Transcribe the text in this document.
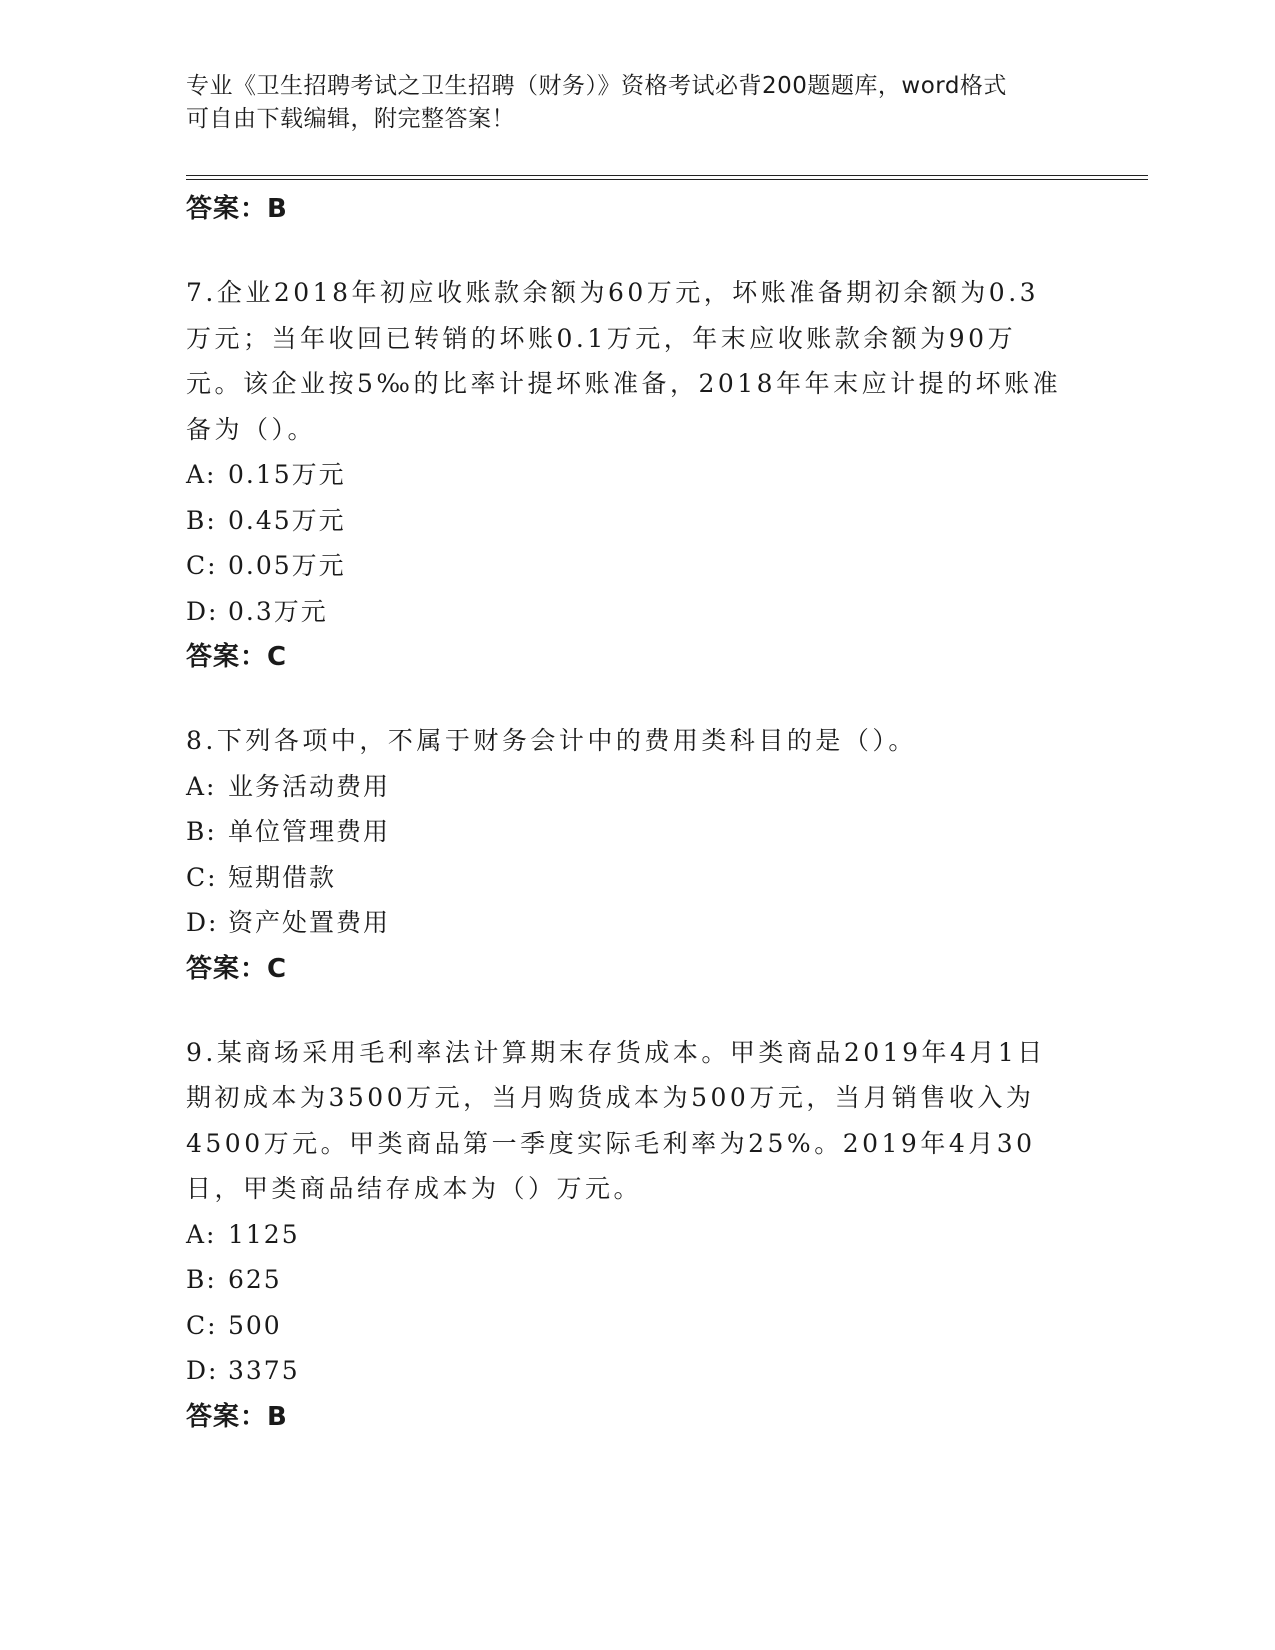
专业《卫生招聘考试之卫生招聘（财务）》资格考试必背200题题库，word格式
可自由下载编辑，附完整答案！
答案：B
7.企业2018年初应收账款余额为60万元，坏账准备期初余额为0.3万元；当年收回已转销的坏账0.1万元，年末应收账款余额为90万元。该企业按5‰的比率计提坏账准备，2018年年末应计提的坏账准备为（）。
A: 0.15万元
B: 0.45万元
C: 0.05万元
D: 0.3万元
答案：C
8.下列各项中，不属于财务会计中的费用类科目的是（）。
A: 业务活动费用
B: 单位管理费用
C: 短期借款
D: 资产处置费用
答案：C
9.某商场采用毛利率法计算期末存货成本。甲类商品2019年4月1日期初成本为3500万元，当月购货成本为500万元，当月销售收入为4500万元。甲类商品第一季度实际毛利率为25%。2019年4月30日，甲类商品结存成本为（）万元。
A: 1125
B: 625
C: 500
D: 3375
答案：B
